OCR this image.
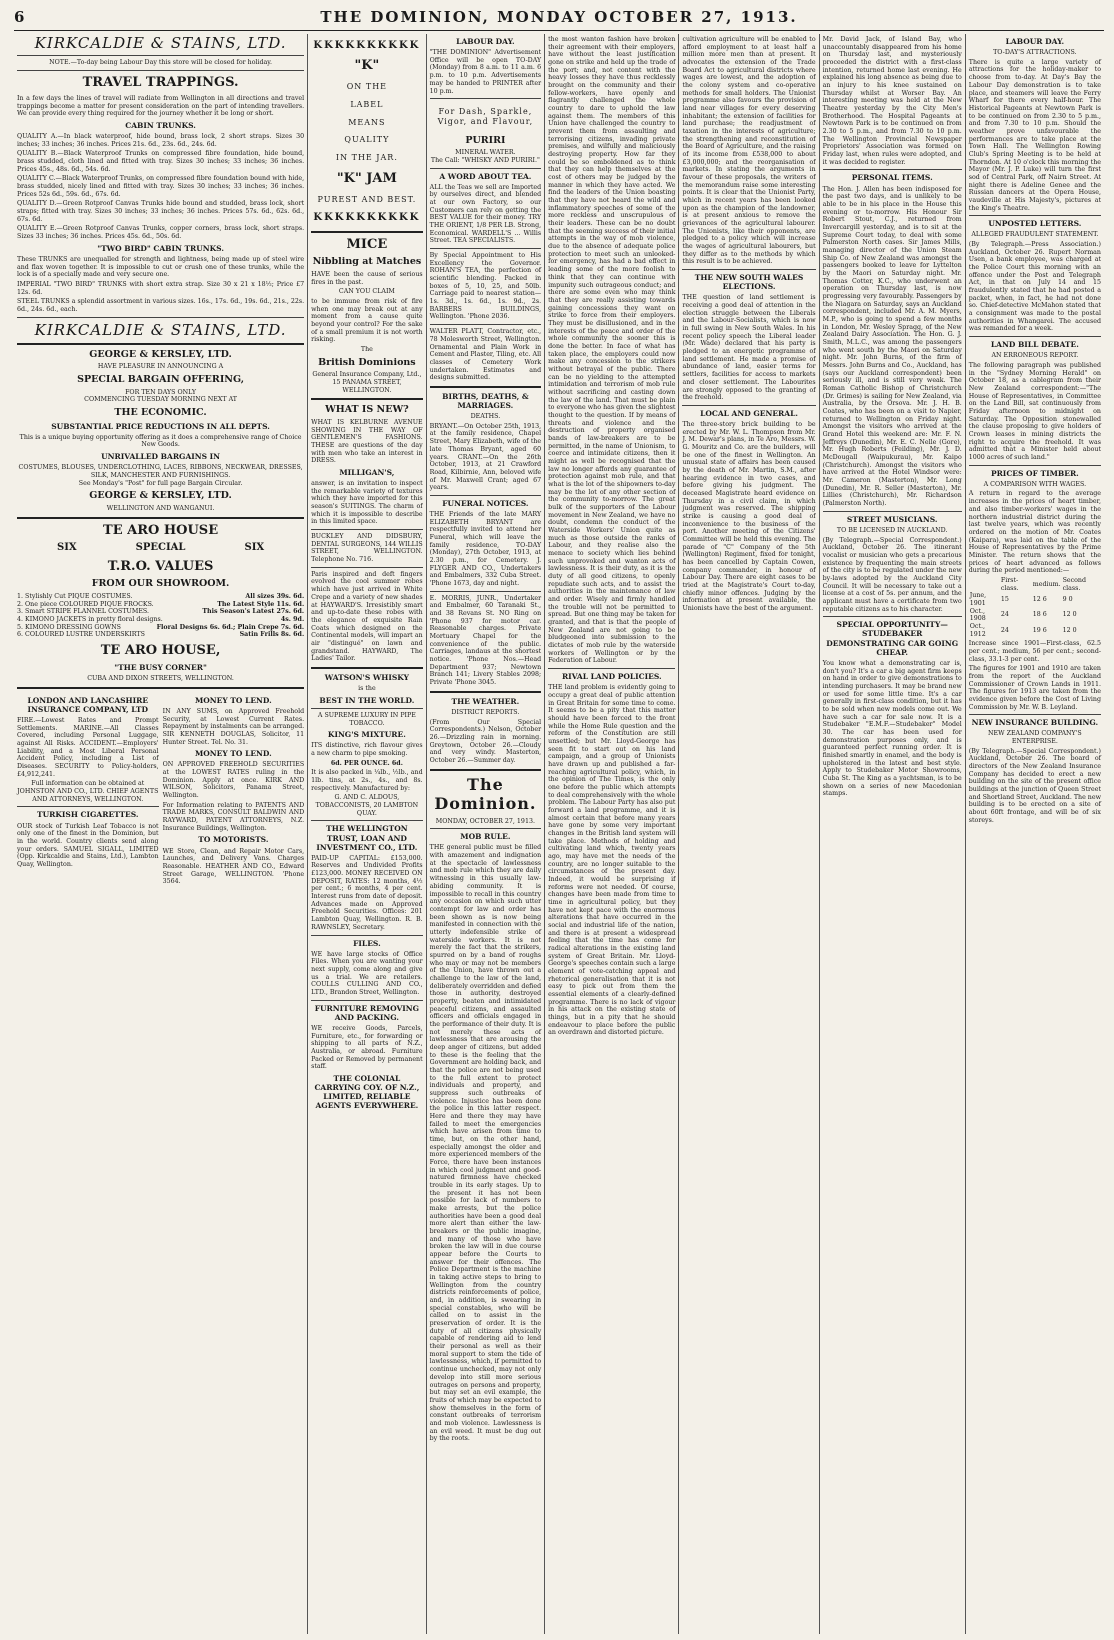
6	THE DOMINION, MONDAY OCTOBER 27, 1913.
KIRKCALDIE & STAINS, LTD.
NOTE.—To-day being Labour Day this store will be closed for holiday.
TRAVEL TRAPPINGS.
In a few days the lines of travel will radiate from Wellington in all directions and travel trappings become a matter for present consideration on the part of intending travellers. We can provide every thing required for the journey whether it be long or short.
CABIN TRUNKS.
QUALITY A.—In black waterproof, hide bound, brass lock, 2 short straps. Sizes 30 inches; 33 inches; 36 inches. Prices 21s. 6d., 23s. 6d., 24s. 6d.
QUALITY B.—Black Waterproof Trunks on compressed fibre foundation, hide bound, brass studded, cloth lined and fitted with tray. Sizes 30 inches; 33 inches; 36 inches. Prices 45s., 48s. 6d., 54s. 6d.
QUALITY C.—Black Waterproof Trunks, on compressed fibre foundation bound with hide, brass studded, nicely lined and fitted with tray. Sizes 30 inches; 33 inches; 36 inches. Prices 52s 6d., 59s. 6d., 67s. 6d.
QUALITY D.—Green Rotproof Canvas Trunks hide bound and studded, brass lock, short straps; fitted with tray. Sizes 30 inches; 33 inches; 36 inches. Prices 57s. 6d., 62s. 6d., 67s. 6d.
QUALITY E.—Green Rotproof Canvas Trunks, copper corners, brass lock, short straps. Sizes 33 inches; 36 inches. Prices 45s. 6d., 50s. 6d.
"TWO BIRD" CABIN TRUNKS.
These TRUNKS are unequalled for strength and lightness, being made up of steel wire and flax woven together. It is impossible to cut or crush one of these trunks, while the lock is of a specially made and very secure one.
IMPERIAL "TWO BIRD" TRUNKS with short extra strap. Size 30 x 21 x 18½; Price £7 12s. 6d.
STEEL TRUNKS a splendid assortment in various sizes. 16s., 17s. 6d., 19s. 6d., 21s., 22s. 6d., 24s. 6d., each.
KIRKCALDIE & STAINS, LTD.
GEORGE & KERSLEY, LTD.
HAVE PLEASURE IN ANNOUNCING A
SPECIAL BARGAIN OFFERING,
FOR TEN DAYS ONLY
COMMENCING TUESDAY MORNING NEXT AT
THE ECONOMIC.
SUBSTANTIAL PRICE REDUCTIONS IN ALL DEPTS.
This is a unique buying opportunity offering as it does a comprehensive range of Choice New Goods.
UNRIVALLED BARGAINS IN
COSTUMES, BLOUSES, UNDERCLOTHING, LACES, RIBBONS, NECKWEAR, DRESSES, SILK, MANCHESTER AND FURNISHINGS.
See Monday's "Post" for full page Bargain Circular.
GEORGE & KERSLEY, LTD.
WELLINGTON AND WANGANUI.
TE ARO HOUSE
SIX	SPECIAL	SIX
T.R.O. VALUES
FROM OUR SHOWROOM.
1. Stylishly Cut PIQUE COSTUMES.	All sizes 39s. 6d.
2. One piece COLOURED PIQUE FROCKS.	The Latest Style 11s. 6d.
3. Smart STRIPE FLANNEL COSTUMES.	This Season's Latest 27s. 6d.
4. KIMONO JACKETS in pretty floral designs.	4s. 9d.
5. KIMONO DRESSING GOWNS	Floral Designs 6s. 6d.; Plain Crepe 7s. 6d.
6. COLOURED LUSTRE UNDERSKIRTS	Satin Frills 8s. 6d.
TE ARO HOUSE,
"THE BUSY CORNER"
CUBA AND DIXON STREETS, WELLINGTON.
LONDON AND LANCASHIRE INSURANCE COMPANY, LTD
FIRE.—Lowest Rates and Prompt Settlements. MARINE.—All Classes Covered, including Personal Luggage, against All Risks. ACCIDENT.—Employers' Liability, and a Most Liberal Personal Accident Policy, including a List of Diseases. SECURITY to Policy-holders, £4,912,241.
Full information can be obtained at JOHNSTON AND CO., LTD. CHIEF AGENTS AND ATTORNEYS, WELLINGTON.
TURKISH CIGARETTES.
OUR stock of Turkish Leaf Tobacco is not only one of the finest in the Dominion, but in the world. Country clients send along your orders. SAMUEL SIGALL, LIMITED (Opp. Kirkcaldie and Stains, Ltd.), Lambton Quay, Wellington.
MONEY TO LEND.
IN ANY SUMS, on Approved Freehold Security, at Lowest Current Rates. Repayment by instalments can be arranged. SIR KENNETH DOUGLAS, Solicitor, 11 Hunter Street. Tel. No. 31.
MONEY TO LEND.
ON APPROVED FREEHOLD SECURITIES at the LOWEST RATES ruling in the Dominion. Apply at once. KIRK AND WILSON, Solicitors, Panama Street, Wellington.
For Information relating to PATENTS AND TRADE MARKS, CONSULT BALDWIN AND RAYWARD, PATENT ATTORNEYS, N.Z. Insurance Buildings, Wellington.
TO MOTORISTS.
WE Store, Clean, and Repair Motor Cars, Launches, and Delivery Vans. Charges Reasonable. HEATHER AND CO., Edward Street Garage, WELLINGTON. 'Phone 3564.
KKKKKKKKKK
"K"
ON THE
LABEL
MEANS
QUALITY
IN THE JAR.
"K" JAM
PUREST AND BEST.
KKKKKKKKKK
MICE
Nibbling at Matches
HAVE been the cause of serious fires in the past.
CAN YOU CLAIM
to be immune from risk of fire when one may break out at any moment from a cause quite beyond your control? For the sake of a small premium it is not worth risking.
The
British Dominions
General Insurance Company, Ltd.,
15 PANAMA STREET, WELLINGTON.
WHAT IS NEW?
WHAT IS KELBURNE AVENUE SHOWING IN THE WAY OF GENTLEMEN'S FASHIONS. THESE are questions of the day with men who take an interest in DRESS.
MILLIGAN'S,
answer, is an invitation to inspect the remarkable variety of textures which they have imported for this season's SUITINGS. The charm of which it is impossible to describe in this limited space.
BUCKLEY AND DIDSBURY, DENTAL SURGEONS, 144 WILLIS STREET, WELLINGTON. Telephone No. 716.
Paris inspired and deft fingers evolved the cool summer robes which have just arrived in White Crepe and a variety of new shades at HAYWARD'S. Irresistibly smart and up-to-date these robes with the elegance of exquisite Rain Coats which designed on the Continental models, will impart an air "distingué" on lawn and grandstand. HAYWARD, The Ladies' Tailor.
WATSON'S WHISKY
is the
BEST IN THE WORLD.
A SUPREME LUXURY IN PIPE TOBACCO.
KING'S MIXTURE.
ITS distinctive, rich flavour gives a new charm to pipe smoking.
6d. PER OUNCE. 6d.
It is also packed in ¼lb., ½lb., and 1lb. tins, at 2s., 4s., and 8s. respectively. Manufactured by:
G. AND C. ALDOUS, TOBACCONISTS, 20 LAMBTON QUAY.
THE WELLINGTON TRUST, LOAN AND INVESTMENT CO., LTD.
PAID-UP CAPITAL: £153,000. Reserves and Undivided Profits £123,000. MONEY RECEIVED ON DEPOSIT, RATES: 12 months, 4½ per cent.; 6 months, 4 per cent. Interest runs from date of deposit. Advances made on Approved Freehold Securities. Offices: 201 Lambton Quay, Wellington. R. B. RAWNSLEY, Secretary.
FILES.
WE have large stocks of Office Files. When you are wanting your next supply, come along and give us a trial. We are retailers. COULLS CULLING AND CO., LTD., Brandon Street, Wellington.
FURNITURE REMOVING AND PACKING.
WE receive Goods, Parcels, Furniture, etc., for forwarding or shipping to all parts of N.Z., Australia, or abroad. Furniture Packed or Removed by permanent staff.
THE COLONIAL CARRYING COY. OF N.Z., LIMITED, RELIABLE AGENTS EVERYWHERE.
LABOUR DAY.
"THE DOMINION" Advertisement Office will be open TO-DAY (Monday) from 8 a.m. to 11 a.m. 6 p.m. to 10 p.m. Advertisements may be handed to PRINTER after 10 p.m.
For Dash, Sparkle, Vigor, and Flavour,
PURIRI
MINERAL WATER.
The Call: "WHISKY AND PURIRI."
A WORD ABOUT TEA.
ALL the Teas we sell are Imported by ourselves direct, and blended at our own Factory, so our Customers can rely on getting the BEST VALUE for their money. TRY THE ORIENT, 1/8 PER LB. Strong, Economical. WARDELL'S ... Willis Street. TEA SPECIALISTS.
By Special Appointment to His Excellency the Governor. ROHAN'S TEA, the perfection of scientific blending. Packed in boxes of 5, 10, 25, and 50lb. Carriage paid to nearest station—1s. 3d., 1s. 6d., 1s. 9d., 2s. BARBERS BUILDINGS, Wellington. 'Phone 2036.
WALTER PLATT, Contractor, etc., 78 Molesworth Street, Wellington. Ornamental and Plain Work in Cement and Plaster, Tiling, etc. All classes of Cemetery Work undertaken. Estimates and designs submitted.
BIRTHS, DEATHS, & MARRIAGES.
DEATHS.
BRYANT.—On October 25th, 1913, at the family residence, Chapel Street, Mary Elizabeth, wife of the late Thomas Bryant, aged 60 years. CRANT.—On the 26th October, 1913, at 21 Crawford Road, Kilbirnie, Ann, beloved wife of Mr. Maxwell Crant; aged 67 years.
FUNERAL NOTICES.
THE Friends of the late MARY ELIZABETH BRYANT are respectfully invited to attend her Funeral, which will leave the family residence, TO-DAY (Monday), 27th October, 1913, at 2.30 p.m., for Cemetery. J. FLYGER AND CO., Undertakers and Embalmers, 332 Cuba Street. 'Phone 1673, day and night.
E. MORRIS, JUNR., Undertaker and Embalmer, 60 Taranaki St., and 38 Revans St. NO Ring on 'Phone 937 for motor car. Reasonable charges. Private Mortuary Chapel for the convenience of the public. Carriages, landaus at the shortest notice. 'Phone Nos.—Head Department 937; Newtown Branch 141; Livery Stables 2098; Private 'Phone 3045.
THE WEATHER.
DISTRICT REPORTS.
(From Our Special Correspondents.) Nelson, October 26.—Drizzling rain in morning. Greytown, October 26.—Cloudy and very windy. Masterton, October 26.—Summer day.
The Dominion.
MONDAY, OCTOBER 27, 1913.
MOB RULE.
THE general public must be filled with amazement and indignation at the spectacle of lawlessness and mob rule which they are daily witnessing in this usually law-abiding community. It is impossible to recall in this country any occasion on which such utter contempt for law and order has been shown as is now being manifested in connection with the utterly indefensible strike of waterside workers. It is not merely the fact that the strikers, spurred on by a band of roughs who may or may not be members of the Union, have thrown out a challenge to the law of the land, deliberately overridden and defied those in authority, destroyed property, beaten and intimidated peaceful citizens, and assaulted officers and officials engaged in the performance of their duty. It is not merely these acts of lawlessness that are arousing the deep anger of citizens, but added to these is the feeling that the Government are holding back, and that the police are not being used to the full extent to protect individuals and property, and suppress such outbreaks of violence. Injustice has been done the police in this latter respect. Here and there they may have failed to meet the emergencies which have arisen from time to time, but, on the other hand, especially amongst the older and more experienced members of the Force, there have been instances in which cool judgment and good-natured firmness have checked trouble in its early stages. Up to the present it has not been possible for lack of numbers to make arrests, but the police authorities have been a good deal more alert than either the law-breakers or the public imagine, and many of those who have broken the law will in due course appear before the Courts to answer for their offences. The Police Department is the machine in taking active steps to bring to Wellington from the country districts reinforcements of police, and, in addition, is swearing in special constables, who will be called on to assist in the preservation of order. It is the duty of all citizens physically capable of rendering aid to lend their personal as well as their moral support to stem the tide of lawlessness, which, if permitted to continue unchecked, may not only develop into still more serious outrages on persons and property, but may set an evil example, the fruits of which may be expected to show themselves in the form of constant outbreaks of terrorism and mob violence. Lawlessness is an evil weed. It must be dug out by the roots.
the most wanton fashion have broken their agreement with their employers, have without the least justification gone on strike and held up the trade of the port; and, not content with the heavy losses they have thus recklessly brought on the community and their fellow-workers, have openly and flagrantly challenged the whole country to dare to uphold the law against them. The members of this Union have challenged the country to prevent them from assaulting and terrorising citizens, invading private premises, and wilfully and maliciously destroying property. How far they could be so emboldened as to think that they can help themselves at the cost of others may be judged by the manner in which they have acted. We find the leaders of the Union boasting that they have not heard the wild and inflammatory speeches of some of the more reckless and unscrupulous of their leaders. These can be no doubt that the seeming success of their initial attempts in the way of mob violence, due to the absence of adequate police protection to meet such an unlooked-for emergency, has had a bad effect in leading some of the more foolish to think that they can continue with impunity such outrageous conduct; and there are some even who may think that they are really assisting towards gaining concessions they want on strike to force from their employers. They must be disillusioned, and in the interests of the peace and order of the whole community the sooner this is done the better. In face of what has taken place, the employers could now make any concession to the strikers without betrayal of the public. There can be no yielding to the attempted intimidation and terrorism of mob rule without sacrificing and casting down the law of the land. That must be plain to everyone who has given the slightest thought to the question. If by means of threats and violence and the destruction of property organised bands of law-breakers are to be permitted, in the name of Unionism, to coerce and intimidate citizens, then it might as well be recognised that the law no longer affords any guarantee of protection against mob rule, and that what is the lot of the shipowners to-day may be the lot of any other section of the community to-morrow. The great bulk of the supporters of the Labour movement in New Zealand, we have no doubt, condemn the conduct of the Waterside Workers' Union quite as much as those outside the ranks of Labour, and they realise also the menace to society which lies behind such unprovoked and wanton acts of lawlessness. It is their duty, as it is the duty of all good citizens, to openly repudiate such acts, and to assist the authorities in the maintenance of law and order. Wisely and firmly handled the trouble will not be permitted to spread. But one thing may be taken for granted, and that is that the people of New Zealand are not going to be bludgeoned into submission to the dictates of mob rule by the waterside workers of Wellington or by the Federation of Labour.
RIVAL LAND POLICIES.
THE land problem is evidently going to occupy a great deal of public attention in Great Britain for some time to come. It seems to be a pity that this matter should have been forced to the front while the Home Rule question and the reform of the Constitution are still unsettled; but Mr. Lloyd-George has seen fit to start out on his land campaign, and a group of Unionists have drawn up and published a far-reaching agricultural policy, which, in the opinion of The Times, is the only one before the public which attempts to deal comprehensively with the whole problem. The Labour Party has also put forward a land programme, and it is almost certain that before many years have gone by some very important changes in the British land system will take place. Methods of holding and cultivating land which, twenty years ago, may have met the needs of the country, are no longer suitable to the circumstances of the present day. Indeed, it would be surprising if reforms were not needed. Of course, changes have been made from time to time in agricultural policy, but they have not kept pace with the enormous alterations that have occurred in the social and industrial life of the nation, and there is at present a widespread feeling that the time has come for radical alterations in the existing land system of Great Britain. Mr. Lloyd-George's speeches contain such a large element of vote-catching appeal and rhetorical generalisation that it is not easy to pick out from them the essential elements of a clearly-defined programme. There is no lack of vigour in his attack on the existing state of things, but in a pity that he should endeavour to place before the public an overdrawn and distorted picture.
cultivation agriculture will be enabled to afford employment to at least half a million more men than at present. It advocates the extension of the Trade Board Act to agricultural districts where wages are lowest, and the adoption of the colony system and co-operative methods for small holders. The Unionist programme also favours the provision of land near villages for every deserving inhabitant; the extension of facilities for land purchase; the readjustment of taxation in the interests of agriculture; the strengthening and reconstitution of the Board of Agriculture, and the raising of its income from £538,000 to about £3,000,000; and the reorganisation of markets. In stating the arguments in favour of these proposals, the writers of the memorandum raise some interesting points. It is clear that the Unionist Party, which in recent years has been looked upon as the champion of the landowner, is at present anxious to remove the grievances of the agricultural labourer. The Unionists, like their opponents, are pledged to a policy which will increase the wages of agricultural labourers, but they differ as to the methods by which this result is to be achieved.
THE NEW SOUTH WALES ELECTIONS.
THE question of land settlement is receiving a good deal of attention in the election struggle between the Liberals and the Labour-Socialists, which is now in full swing in New South Wales. In his recent policy speech the Liberal leader (Mr. Wade) declared that his party is pledged to an energetic programme of land settlement. He made a promise of abundance of land, easier terms for settlers, facilities for access to markets and closer settlement. The Labourites are strongly opposed to the granting of the freehold.
LOCAL AND GENERAL.
The three-story brick building to be erected by Mr. W. L. Thompson from Mr. J. M. Dewar's plans, in Te Aro, Messrs. W. G. Mouritz and Co. are the builders, will be one of the finest in Wellington. An unusual state of affairs has been caused by the death of Mr. Martin, S.M., after hearing evidence in two cases, and before giving his judgment. The deceased Magistrate heard evidence on Thursday in a civil claim, in which judgment was reserved. The shipping strike is causing a good deal of inconvenience to the business of the port. Another meeting of the Citizens' Committee will be held this evening. The parade of "C" Company of the 5th (Wellington) Regiment, fixed for tonight, has been cancelled by Captain Cowen, company commander, in honour of Labour Day. There are eight cases to be tried at the Magistrate's Court to-day, chiefly minor offences. Judging by the information at present available, the Unionists have the best of the argument.
Mr. David Jack, of Island Bay, who unaccountably disappeared from his home on Thursday last, and mysteriously proceeded the district with a first-class intention, returned home last evening. He explained his long absence as being due to an injury to his knee sustained on Thursday whilst at Worser Bay. An interesting meeting was held at the New Theatre yesterday by the City Men's Brotherhood. The Hospital Pageants at Newtown Park is to be continued on from 2.30 to 5 p.m., and from 7.30 to 10 p.m. The Wellington Provincial Newspaper Proprietors' Association was formed on Friday last, when rules were adopted, and it was decided to register.
PERSONAL ITEMS.
The Hon. J. Allen has been indisposed for the past two days, and is unlikely to be able to be in his place in the House this evening or to-morrow. His Honour Sir Robert Stout, C.J., returned from Invercargill yesterday, and is to sit at the Supreme Court today, to deal with some Palmerston North cases. Sir James Mills, managing director of the Union Steam Ship Co. of New Zealand was amongst the passengers booked to leave for Lyttelton by the Maori on Saturday night. Mr. Thomas Cotter, K.C., who underwent an operation on Thursday last, is now progressing very favourably. Passengers by the Niagara on Saturday, says an Auckland correspondent, included Mr. A. M. Myers, M.P., who is going to spend a few months in London, Mr. Wesley Spragg, of the New Zealand Dairy Association. The Hon. G. J. Smith, M.L.C., was among the passengers who went south by the Maori on Saturday night. Mr. John Burns, of the firm of Messrs. John Burns and Co., Auckland, has (says our Auckland correspondent) been seriously ill, and is still very weak. The Roman Catholic Bishop of Christchurch (Dr. Grimes) is sailing for New Zealand, via Australia, by the Orsova. Mr. J. H. B. Coates, who has been on a visit to Napier, returned to Wellington on Friday night. Amongst the visitors who arrived at the Grand Hotel this weekend are: Mr. F. N. Jeffreys (Dunedin), Mr. E. C. Nelle (Gore), Mr. Hugh Roberts (Feilding), Mr. J. D. McDougall (Waipukurau), Mr. Kaipo (Christchurch). Amongst the visitors who have arrived at the Hotel Windsor were: Mr. Cameron (Masterton), Mr. Long (Dunedin), Mr. R. Seller (Masterton), Mr. Lillies (Christchurch), Mr. Richardson (Palmerston North).
STREET MUSICIANS.
TO BE LICENSED IN AUCKLAND.
(By Telegraph.—Special Correspondent.) Auckland, October 26. The itinerant vocalist or musician who gets a precarious existence by frequenting the main streets of the city is to be regulated under the new by-laws adopted by the Auckland City Council. It will be necessary to take out a license at a cost of 5s. per annum, and the applicant must have a certificate from two reputable citizens as to his character.
SPECIAL OPPORTUNITY—STUDEBAKER DEMONSTRATING CAR GOING CHEAP.
You know what a demonstrating car is, don't you? It's a car a big agent firm keeps on hand in order to give demonstrations to intending purchasers. It may be brand new or used for some little time. It's a car generally in first-class condition, but it has to be sold when new models come out. We have such a car for sale now. It is a Studebaker "E.M.F.—Studebaker" Model 30. The car has been used for demonstration purposes only, and is guaranteed perfect running order. It is finished smartly in enamel, and the body is upholstered in the latest and best style. Apply to Studebaker Motor Showrooms, Cuba St. The King as a yachtsman, is to be shown on a series of new Macedonian stamps.
LABOUR DAY.
TO-DAY'S ATTRACTIONS.
There is quite a large variety of attractions for the holiday-maker to choose from to-day. At Day's Bay the Labour Day demonstration is to take place, and steamers will leave the Ferry Wharf for there every half-hour. The Historical Pageants at Newtown Park is to be continued on from 2.30 to 5 p.m., and from 7.30 to 10 p.m. Should the weather prove unfavourable the performances are to take place at the Town Hall. The Wellington Rowing Club's Spring Meeting is to be held at Thorndon. At 10 o'clock this morning the Mayor (Mr. J. P. Luke) will turn the first sod of Central Park, off Nairn Street. At night there is Adeline Genee and the Russian dancers at the Opera House, vaudeville at His Majesty's, pictures at the King's Theatre.
UNPOSTED LETTERS.
ALLEGED FRAUDULENT STATEMENT.
(By Telegraph.—Press Association.) Auckland, October 26. Rupert Norman Usen, a bank employee, was charged at the Police Court this morning with an offence under the Post and Telegraph Act, in that on July 14 and 15 fraudulently stated that he had posted a packet, when, in fact, he had not done so. Chief-detective McMahon stated that a consignment was made to the postal authorities in Whangarei. The accused was remanded for a week.
LAND BILL DEBATE.
AN ERRONEOUS REPORT.
The following paragraph was published in the "Sydney Morning Herald" on October 18, as a cablegram from their New Zealand correspondent:—"The House of Representatives, in Committee on the Land Bill, sat continuously from Friday afternoon to midnight on Saturday. The Opposition stonewalled the clause proposing to give holders of Crown leases in mining districts the right to acquire the freehold. It was admitted that a Minister held about 1000 acres of such land."
PRICES OF TIMBER.
A COMPARISON WITH WAGES.
A return in regard to the average increases in the prices of heart timber, and also timber-workers' wages in the northern industrial district during the last twelve years, which was recently ordered on the motion of Mr. Coates (Kaipara), was laid on the table of the House of Representatives by the Prime Minister. The return shows that the prices of heart advanced as follows during the period mentioned:—
	First-class.	medium.	Second class.
June, 1901	15	12 6	9 0
Oct., 1908	24	18 6	12 0
Oct., 1912	24	19 6	12 0
Increase since 1901—First-class, 62.5 per cent.; medium, 56 per cent.; second-class, 33.1-3 per cent.
The figures for 1901 and 1910 are taken from the report of the Auckland Commissioner of Crown Lands in 1911. The figures for 1913 are taken from the evidence given before the Cost of Living Commission by Mr. W. B. Leyland.
NEW INSURANCE BUILDING.
NEW ZEALAND COMPANY'S ENTERPRISE.
(By Telegraph.—Special Correspondent.) Auckland, October 26. The board of directors of the New Zealand Insurance Company has decided to erect a new building on the site of the present office buildings at the junction of Queen Street and Shortland Street, Auckland. The new building is to be erected on a site of about 60ft frontage, and will be of six storeys.
